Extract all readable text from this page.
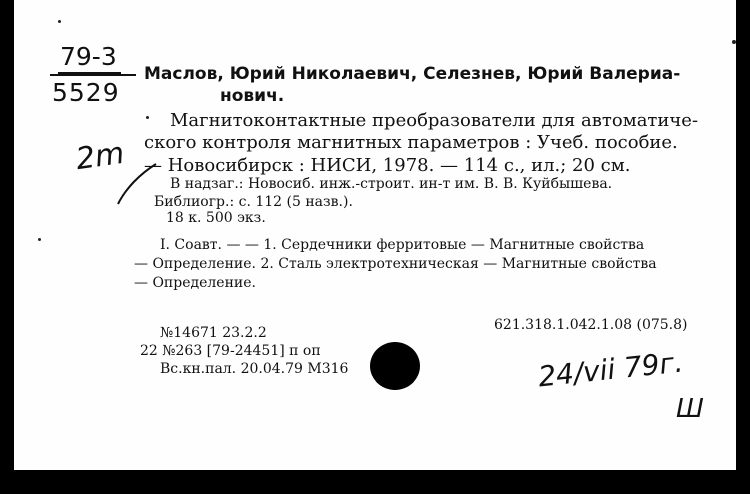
79-3
5529

Маслов, Юрий Николаевич, Селезнев, Юрий Валериа-

нович.

Магнитоконтактные преобразователи для автоматиче-

ского контроля магнитных параметров : Учеб. пособие.

— Новосибирск : НИСИ, 1978. — 114 с., ил.; 20 см.

2m

В надзаг.: Новосиб. инж.-строит. ин-т им. В. В. Куйбышева.

Библиогр.: с. 112 (5 назв.).

18 к. 500 экз.

I. Соавт. — — 1. Сердечники ферритовые — Магнитные свойства

— Определение. 2. Сталь электротехническая — Магнитные свойства

— Определение.

№14671 23.2.2	621.318.1.042.1.08 (075.8)

22 №263 [79-24451] п оп

Вс.кн.пал. 20.04.79 М316	24/vii 79г.

Ш
